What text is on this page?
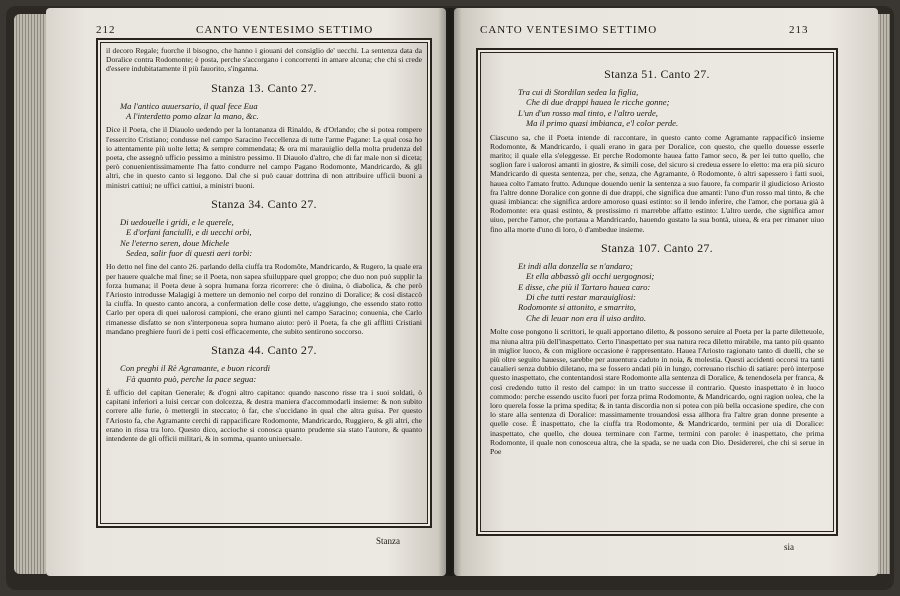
212	CANTO VENTESIMO SETTIMO

il decoro Regale; fuorche il bisogno, che hanno i giouani del consiglio de' uecchi. La sentenza data da Doralice contra Rodomonte; è posta, perche s'accorgano i concorrenti in amare alcuna; che chi si crede d'essere indubitatamente il più fauorito, s'inganna.

Stanza 13. Canto 27.
Ma l'antico auuersario, il qual fece Eua
A l'interdetto pomo alzar la mano, &c.

Dice il Poeta, che il Diauolo uedendo per la lontananza di Rinaldo, & d'Orlando; che si potea rompere l'essercito Cristiano; condusse nel campo Saracino l'eccellenza di tutte l'arme Pagane: La qual cosa ho io attentamente più uolte letta; & sempre commendata; & ora mi marauiglio della molta prudenza del poeta, che assegnò ufficio pessimo a ministro pessimo. Il Diauolo d'altro, che di far male non si diceta; però conuenientissimamente l'ha fatto condurre nel campo Pagano Rodomonte, Mandricardo, & gli altri, che in questo canto si leggono. Dal che si può cauar dottrina di non attribuire ufficii buoni a ministri cattiui; ne uffici cattiui, a ministri buoni.

Stanza 34. Canto 27.
Di uedouelle i gridi, e le querele,
E d'orfani fanciulli, e di uecchi orbi,
Ne l'eterno seren, doue Michele
Sedea, salir fuor di questi aeri torbi:

Ho detto nel fine del canto 26. parlando della ciuffa tra Rodomôte, Mandricardo, & Rugero, la quale era per hauere qualche mal fine; se il Poeta, non sapea sfuiluppare quel groppo; che duo non può supplir la forza humana; il Poeta deue à sopra humana forza ricorrere: che ò diuina, ò diabolica, & che però l'Ariosto introdusse Malagigi à mettere un demonio nel corpo del ronzino di Doralice; & così distaccò la ciuffa. In questo canto ancora, a confermation delle cose dette, u'aggiungo, che essendo stato rotto Carlo per opera di quei ualorosi campioni, che erano giunti nel campo Saracino; conuenia, che Carlo rimanesse disfatto se non s'interponeua sopra humano aiuto: però il Poeta, fa che gli afflitti Cristiani mandano preghiere fuori de i petti così efficacemente, che subito sentirono soccorso.

Stanza 44. Canto 27.
Con preghi il Rè Agramante, e buon ricordi
Fà quanto può, perche la pace segua:

È ufficio del capitan Generale; & d'ogni altro capitano: quando nascono risse tra i suoi soldati, ò capitani inferiori a luisì cercar con dolcezza, & destra maniera d'accommodarli insieme: & non subito correre alle furie, ò mettergli in steccato; ò far, che s'uccidano in qual che altra guisa. Per questo l'Ariosto fa, che Agramante cerchi di rappacificare Rodomonte, Mandricardo, Ruggiero, & gli altri, che erano in rissa tra loro. Questo dico, accioche si conosca quanto prudente sia stato l'autore, & quanto intendente de gli officii militari, & in somma, quanto uniuersale.

Stanza
CANTO VENTESIMO SETTIMO	213
Stanza 51. Canto 27.
Tra cui di Stordilan sedea la figlia,
Che di due drappi hauea le ricche gonne;
L'un d'un rosso mal tinto, e l'altro uerde,
Ma il primo quasi imbianca, e'l color perde.

Ciascuno sa, che il Poeta intende di raccontare, in questo canto come Agramante rappacificò insieme Rodomonte, & Mandricardo, i quali erano in gara per Doralice, con questo, che quello douesse esserle marito; il quale ella s'eleggesse. Et perche Rodomonte hauea fatto l'amor seco, & per lei tutto quello, che soglion fare i ualorosi amanti in giostre, & simili cose, del sicuro si credeua essere lo eletto: ma era più sicuro Mandricardo di questa sentenza, per che, senza, che Agramante, ò Rodomonte, ò altri sapessero i fatti suoi, hauea colto l'amato frutto. Adunque douendo uenir la sentenza a suo fauore, fa comparir il giudicioso Ariosto fra l'altre donne Doralice con gonne di due drappi, che significa due amanti: l'uno d'un rosso mal tinto, & che quasi imbianca: che significa ardore amoroso quasi estinto: so il lendo inferire, che l'amor, che portaua già à Rodomonte: era quasi estinto, & prestissimo ri marrebbe affatto estinto: L'altro uerde, che significa amor uiuo, perche l'amor, che portaua a Mandricardo, hauendo gustato la sua bontà, uiuea, & era per rimaner uiuo fino alla morte d'uno di loro, ò d'ambedue insieme.

Stanza 107. Canto 27.
Et indi alla donzella se n'andaro;
Et ella abbassò gli occhi uergognosi;
E disse, che più il Tartaro hauea caro:
Di che tutti restar marauigliosi:
Rodomonte si attonito, e smarrito,
Che di leuar non era il uiso ardito.

Molte cose pongono li scrittori, le quali apportano diletto, & possono seruire al Poeta per la parte diletteuole, ma niuna altra più dell'inaspettato. Certo l'inaspettato per sua natura reca diletto mirabile, ma tanto più quanto in miglior luoco, & con migliore occasione è rappresentato. Hauea l'Ariosto ragionato tanto di duelli, che se più oltre seguito hauesse, sarebbe per auuentura caduto in noia, & molestia. Questi accidenti occorsi tra tanti caualieri senza dubbio diletano, ma se fossero andati più in lungo, correuano rischio di satiare: però interpose questo inaspettato, che contentandosi stare Rodomonte alla sentenza di Doralice, & tenendosela per franca, & così credendo tutto il resto del campo: in un tratto successe il contrario. Questo inaspettato è in luoco commodo: perche essendo uscito fuori per forza prima Rodomonte, & Mandricardo, ogni ragion uolea, che la loro querela fosse la prima spedita; & in tanta discordia non si potea con più bella occasione spedire, che con lo stare alla sentenza di Doralice: massimamente trouandosi essa allhora fra l'altre gran donne presente a quelle cose. È inaspettato, che la ciuffa tra Rodomonte, & Mandricardo, termini per uia di Doralice: inaspettato, che quello, che douea terminare con l'arme, termini con parole: è inaspettato, che prima Rodomonte, il quale non conosceua altra, che la spada, se ne uada con Dio. Desidererei, che chi si serue in Poe

sia
